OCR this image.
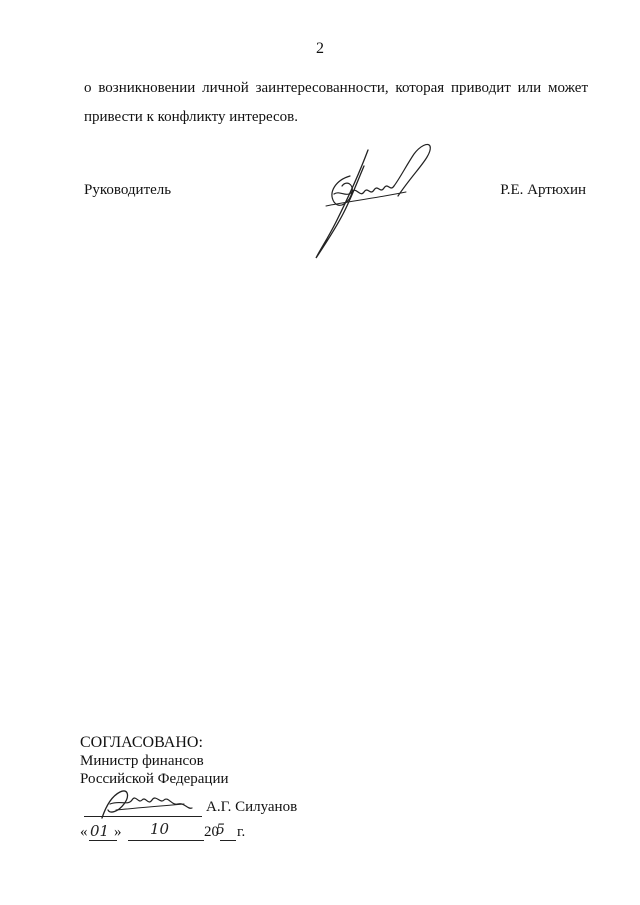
2
о возникновении личной заинтересованности, которая приводит или может
привести к конфликту интересов.
Руководитель	Р.Е. Артюхин
СОГЛАСОВАНО:
Министр финансов
Российской Федерации
А.Г. Силуанов
« »	20 г.
01	10	5
